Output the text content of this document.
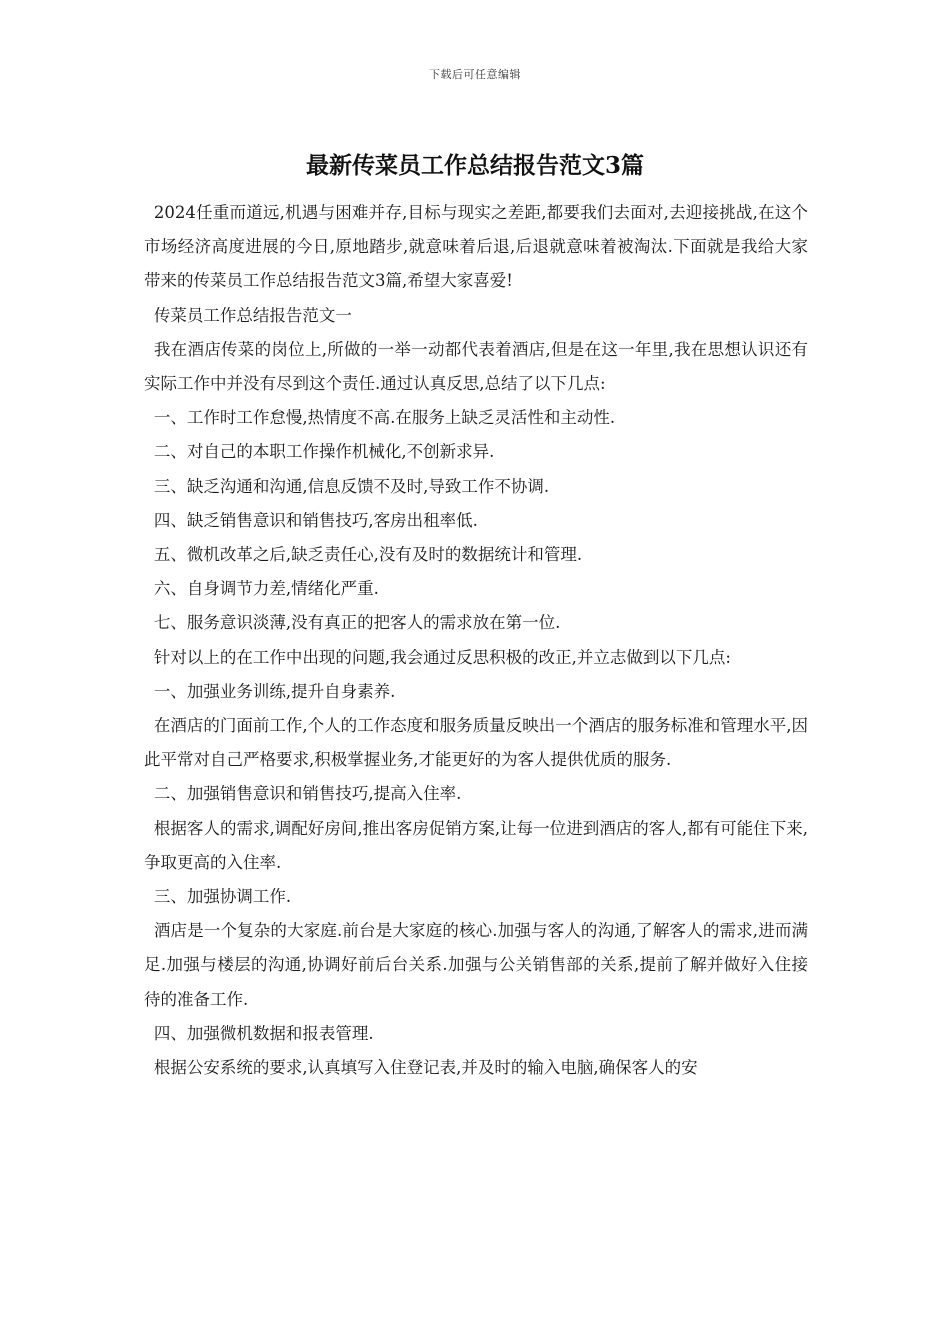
下载后可任意编辑
最新传菜员工作总结报告范文3篇

2024任重而道远,机遇与困难并存,目标与现实之差距,都要我们去面对,去迎接挑战,在这个市场经济高度进展的今日,原地踏步,就意味着后退,后退就意味着被淘汰.下面就是我给大家带来的传菜员工作总结报告范文3篇,希望大家喜爱!

传菜员工作总结报告范文一

我在酒店传菜的岗位上,所做的一举一动都代表着酒店,但是在这一年里,我在思想认识还有实际工作中并没有尽到这个责任.通过认真反思,总结了以下几点:

一、工作时工作怠慢,热情度不高.在服务上缺乏灵活性和主动性.

二、对自己的本职工作操作机械化,不创新求异.

三、缺乏沟通和沟通,信息反馈不及时,导致工作不协调.

四、缺乏销售意识和销售技巧,客房出租率低.

五、微机改革之后,缺乏责任心,没有及时的数据统计和管理.

六、自身调节力差,情绪化严重.

七、服务意识淡薄,没有真正的把客人的需求放在第一位.

针对以上的在工作中出现的问题,我会通过反思积极的改正,并立志做到以下几点:

一、加强业务训练,提升自身素养.

在酒店的门面前工作,个人的工作态度和服务质量反映出一个酒店的服务标准和管理水平,因此平常对自己严格要求,积极掌握业务,才能更好的为客人提供优质的服务.

二、加强销售意识和销售技巧,提高入住率.

根据客人的需求,调配好房间,推出客房促销方案,让每一位进到酒店的客人,都有可能住下来,争取更高的入住率.

三、加强协调工作.

酒店是一个复杂的大家庭.前台是大家庭的核心.加强与客人的沟通,了解客人的需求,进而满足.加强与楼层的沟通,协调好前后台关系.加强与公关销售部的关系,提前了解并做好入住接待的准备工作.

四、加强微机数据和报表管理.

根据公安系统的要求,认真填写入住登记表,并及时的输入电脑,确保客人的安
